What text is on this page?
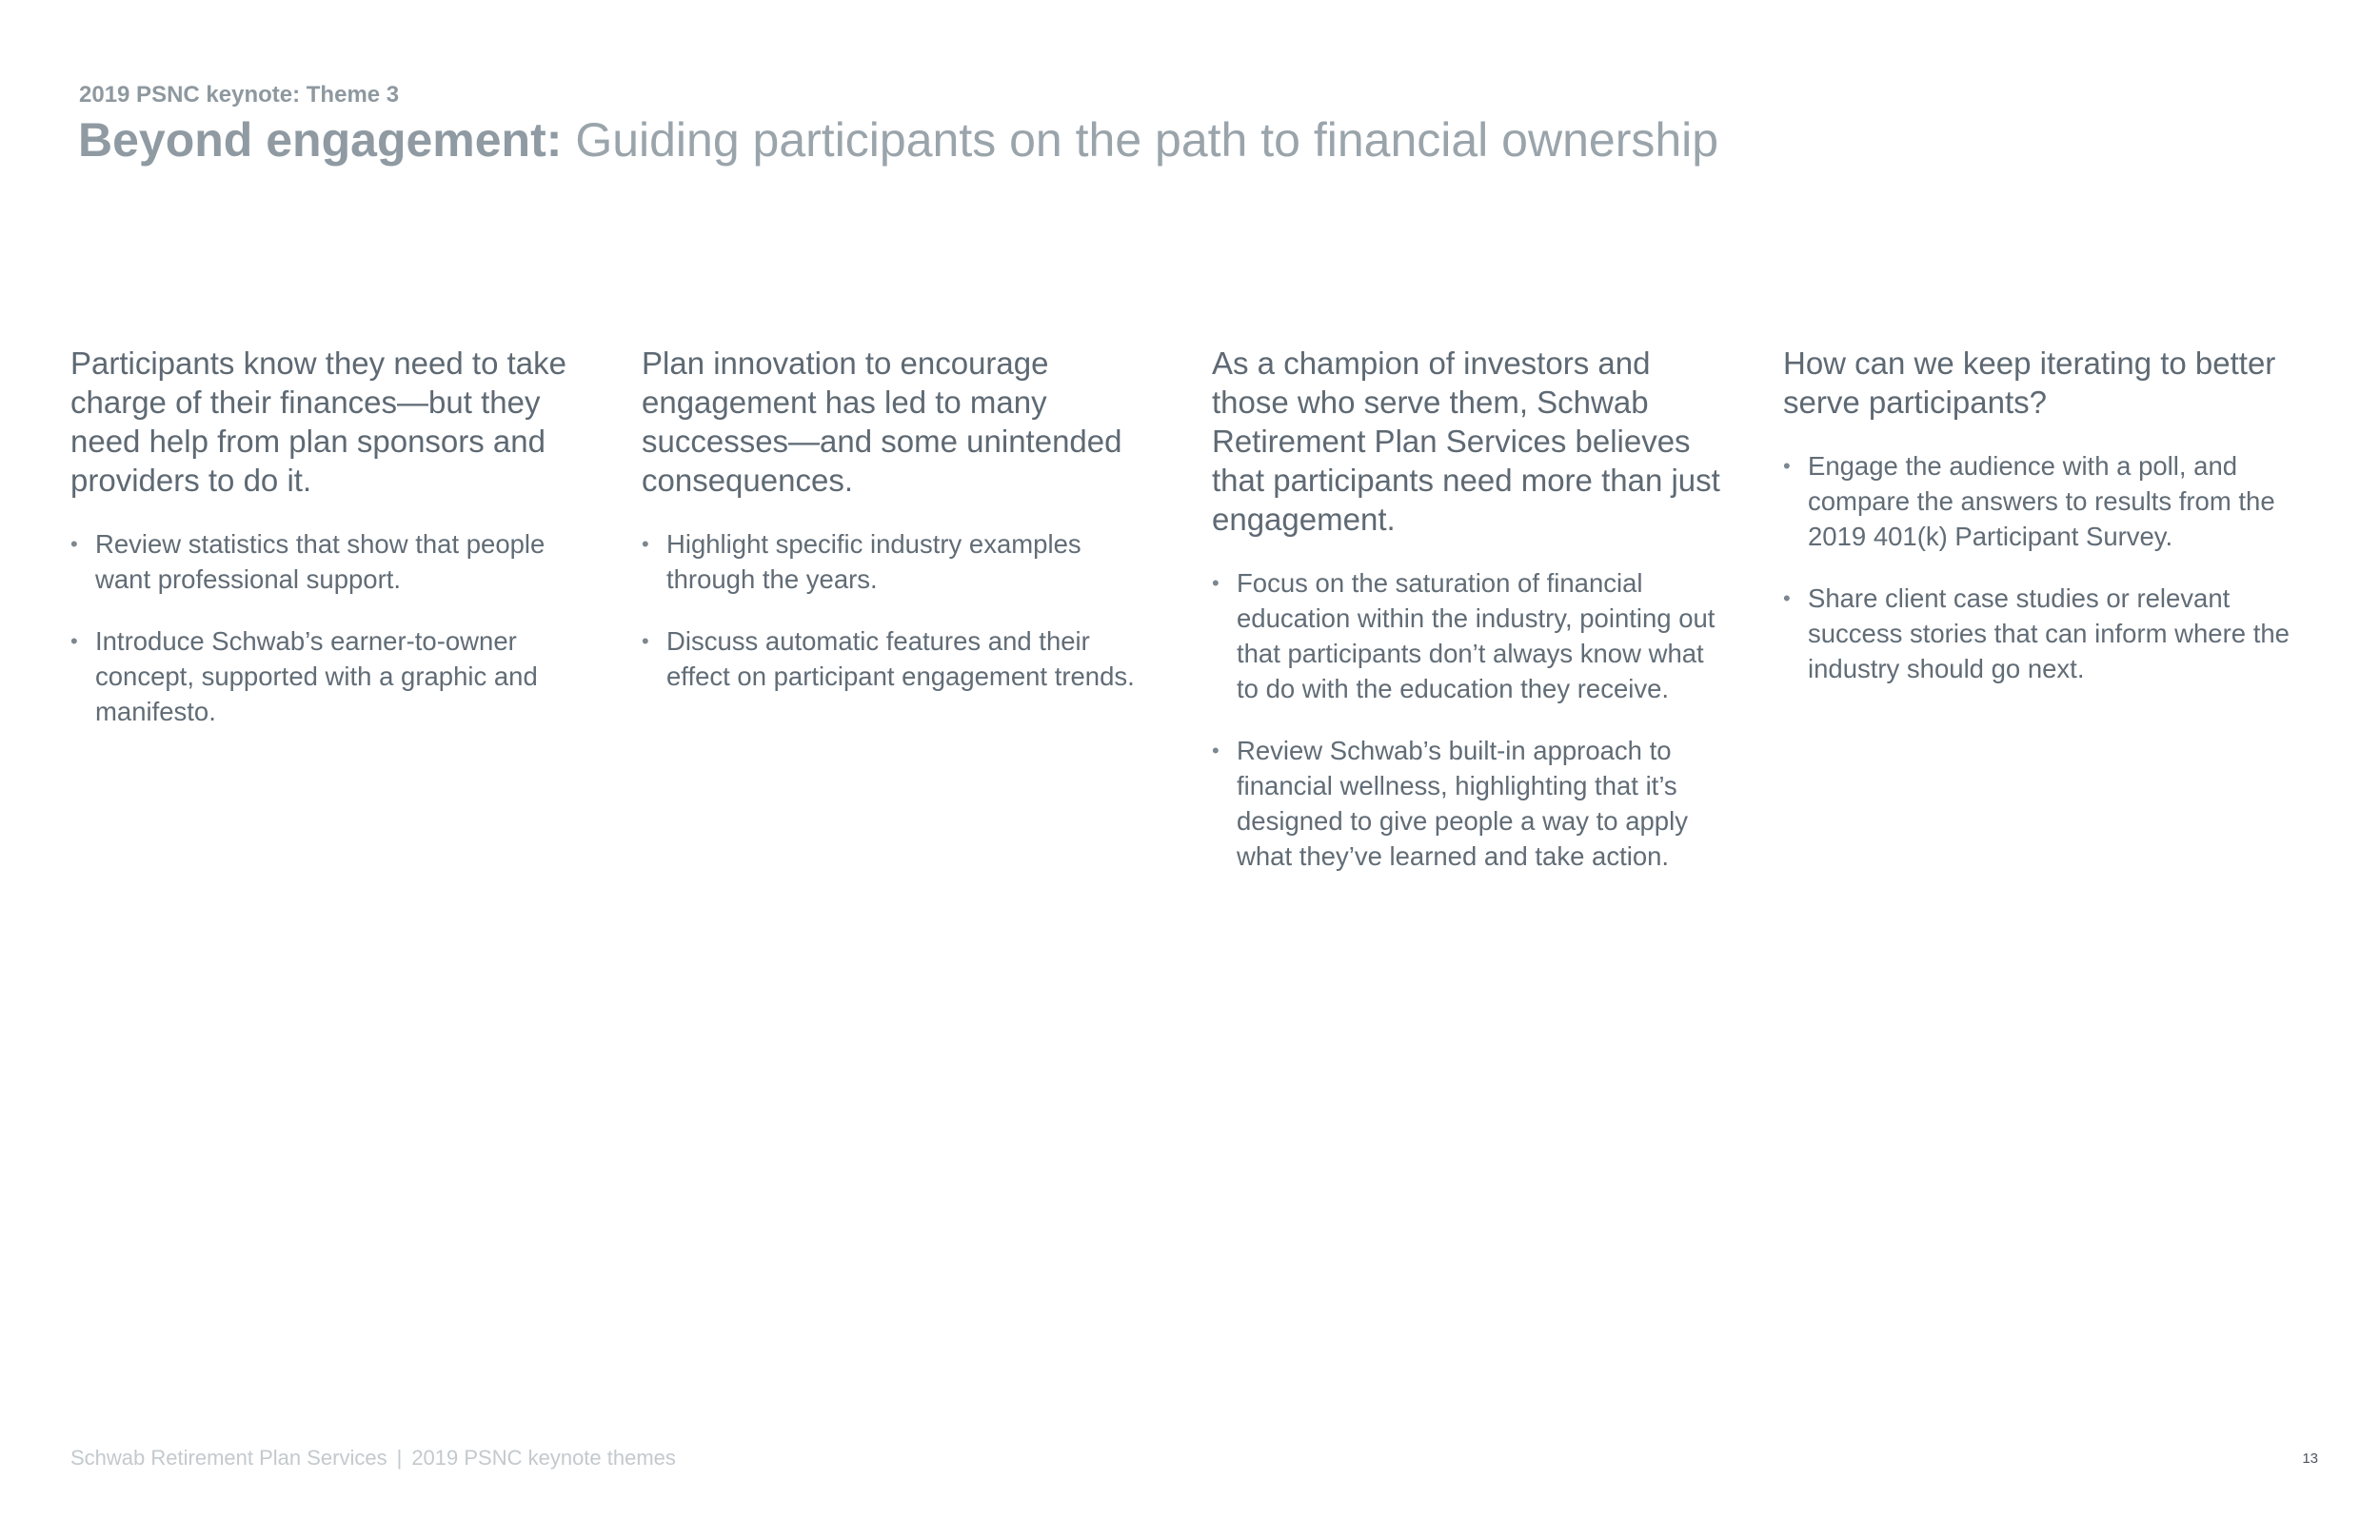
2019 PSNC keynote: Theme 3

Beyond engagement: Guiding participants on the path to financial ownership

Participants know they need to take charge of their finances—but they need help from plan sponsors and providers to do it.

• Review statistics that show that people want professional support.
• Introduce Schwab’s earner-to-owner concept, supported with a graphic and manifesto.

Plan innovation to encourage engagement has led to many successes—and some unintended consequences.

• Highlight specific industry examples through the years.
• Discuss automatic features and their effect on participant engagement trends.

As a champion of investors and those who serve them, Schwab Retirement Plan Services believes that participants need more than just engagement.

• Focus on the saturation of financial education within the industry, pointing out that participants don’t always know what to do with the education they receive.
• Review Schwab’s built-in approach to financial wellness, highlighting that it’s designed to give people a way to apply what they’ve learned and take action.

How can we keep iterating to better serve participants?

• Engage the audience with a poll, and compare the answers to results from the 2019 401(k) Participant Survey.
• Share client case studies or relevant success stories that can inform where the industry should go next.
Schwab Retirement Plan Services | 2019 PSNC keynote themes	13
